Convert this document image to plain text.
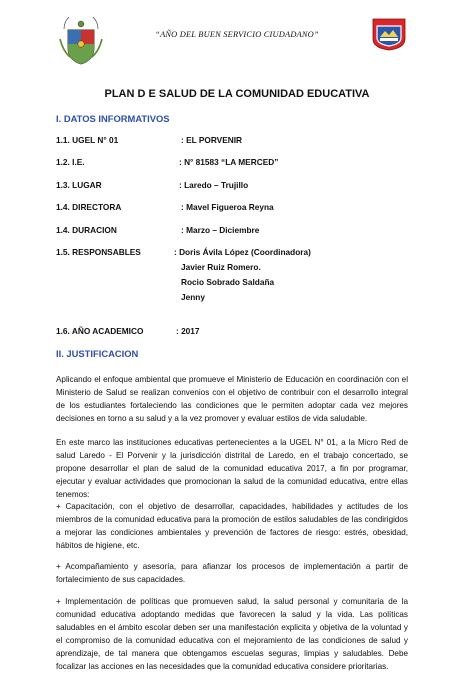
“AÑO DEL BUEN SERVICIO CIUDADANO”
PLAN D E SALUD DE LA COMUNIDAD EDUCATIVA
I. DATOS INFORMATIVOS
1.1. UGEL N° 01	: EL PORVENIR
1.2. I.E.	: N° 81583 “LA MERCED”
1.3. LUGAR	: Laredo – Trujillo
1.4. DIRECTORA	: Mavel Figueroa Reyna
1.4. DURACION	: Marzo – Diciembre
1.5. RESPONSABLES	: Doris Ávila López (Coordinadora)
Javier Ruiz Romero.
Rocio Sobrado Saldaña
Jenny
1.6. AÑO ACADEMICO	: 2017
II. JUSTIFICACION

Aplicando el enfoque ambiental que promueve el Ministerio de Educación en coordinación con el Ministerio de Salud se realizan convenios con el objetivo de contribuir con el desarrollo integral de los estudiantes fortaleciendo las condiciones que le permiten adoptar cada vez mejores decisiones en torno a su salud y a la vez promover y evaluar estilos de vida saludable.

En este marco las instituciones educativas pertenecientes a la UGEL N° 01, a la Micro Red de salud Laredo - El Porvenir y la jurisdicción distrital de Laredo, en el trabajo concertado, se propone desarrollar el plan de salud de la comunidad educativa 2017, a fin por programar, ejecutar y evaluar actividades que promocionan la salud de la comunidad educativa, entre ellas tenemos:

+ Capacitación, con el objetivo de desarrollar, capacidades, habilidades y actitudes de los miembros de la comunidad educativa para la promoción de estilos saludables de las condirigidos a mejorar las condiciones ambientales y prevención de factores de riesgo: estrés, obesidad, hábitos de higiene, etc.

+ Acompañamiento y asesoría, para afianzar los procesos de implementación a partir de fortalecimiento de sus capacidades.

+ Implementación de políticas que promueven salud, la salud personal y comunitaria de la comunidad educativa adoptando medidas que favorecen la salud y la vida. Las políticas saludables en el ámbito escolar deben ser una manifestación explicita y objetiva de la voluntad y el compromiso de la comunidad educativa con el mejoramiento de las condiciones de salud y aprendizaje, de tal manera que obtengamos escuelas seguras, limpias y saludables. Debe focalizar las acciones en las necesidades que la comunidad educativa considere prioritarias.
